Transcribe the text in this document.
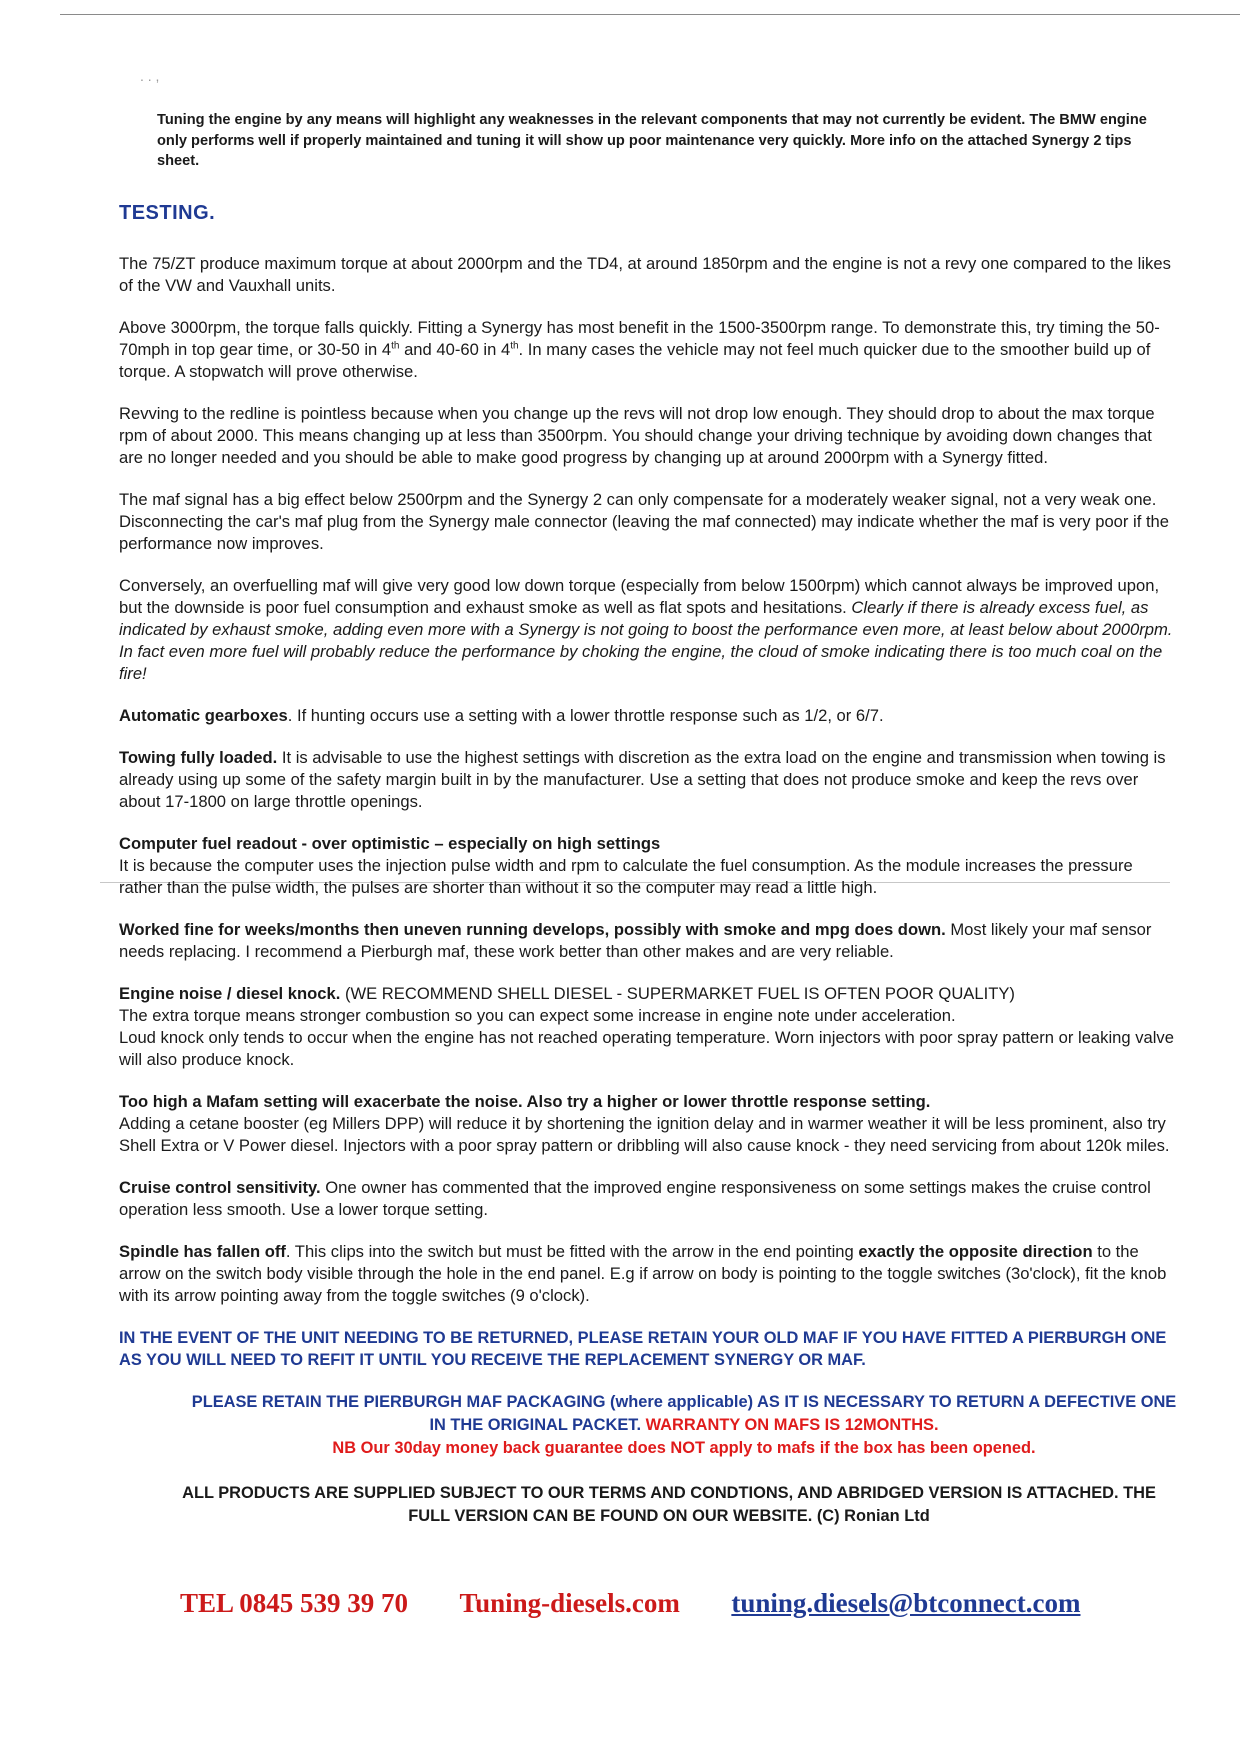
. . ,
Tuning the engine by any means will highlight any weaknesses in the relevant components that may not currently be evident. The BMW engine only performs well if properly maintained and tuning it will show up poor maintenance very quickly. More info on the attached Synergy 2 tips sheet.
TESTING.

The 75/ZT produce maximum torque at about 2000rpm and the TD4, at around 1850rpm and the engine is not a revy one compared to the likes of the VW and Vauxhall units.

Above 3000rpm, the torque falls quickly. Fitting a Synergy has most benefit in the 1500-3500rpm range. To demonstrate this, try timing the 50-70mph in top gear time, or 30-50 in 4th and 40-60 in 4th. In many cases the vehicle may not feel much quicker due to the smoother build up of torque. A stopwatch will prove otherwise.

Revving to the redline is pointless because when you change up the revs will not drop low enough. They should drop to about the max torque rpm of about 2000. This means changing up at less than 3500rpm. You should change your driving technique by avoiding down changes that are no longer needed and you should be able to make good progress by changing up at around 2000rpm with a Synergy fitted.

The maf signal has a big effect below 2500rpm and the Synergy 2 can only compensate for a moderately weaker signal, not a very weak one. Disconnecting the car's maf plug from the Synergy male connector (leaving the maf connected) may indicate whether the maf is very poor if the performance now improves.

Conversely, an overfuelling maf will give very good low down torque (especially from below 1500rpm) which cannot always be improved upon, but the downside is poor fuel consumption and exhaust smoke as well as flat spots and hesitations. Clearly if there is already excess fuel, as indicated by exhaust smoke, adding even more with a Synergy is not going to boost the performance even more, at least below about 2000rpm. In fact even more fuel will probably reduce the performance by choking the engine, the cloud of smoke indicating there is too much coal on the fire!

Automatic gearboxes. If hunting occurs use a setting with a lower throttle response such as 1/2, or 6/7.

Towing fully loaded. It is advisable to use the highest settings with discretion as the extra load on the engine and transmission when towing is already using up some of the safety margin built in by the manufacturer. Use a setting that does not produce smoke and keep the revs over about 17-1800 on large throttle openings.

Computer fuel readout - over optimistic – especially on high settings
It is because the computer uses the injection pulse width and rpm to calculate the fuel consumption. As the module increases the pressure rather than the pulse width, the pulses are shorter than without it so the computer may read a little high.

Worked fine for weeks/months then uneven running develops, possibly with smoke and mpg does down. Most likely your maf sensor needs replacing. I recommend a Pierburgh maf, these work better than other makes and are very reliable.

Engine noise / diesel knock. (WE RECOMMEND SHELL DIESEL - SUPERMARKET FUEL IS OFTEN POOR QUALITY)
The extra torque means stronger combustion so you can expect some increase in engine note under acceleration.
Loud knock only tends to occur when the engine has not reached operating temperature. Worn injectors with poor spray pattern or leaking valve will also produce knock.

Too high a Mafam setting will exacerbate the noise. Also try a higher or lower throttle response setting.
Adding a cetane booster (eg Millers DPP) will reduce it by shortening the ignition delay and in warmer weather it will be less prominent, also try Shell Extra or V Power diesel. Injectors with a poor spray pattern or dribbling will also cause knock - they need servicing from about 120k miles.

Cruise control sensitivity. One owner has commented that the improved engine responsiveness on some settings makes the cruise control operation less smooth. Use a lower torque setting.

Spindle has fallen off. This clips into the switch but must be fitted with the arrow in the end pointing exactly the opposite direction to the arrow on the switch body visible through the hole in the end panel. E.g if arrow on body is pointing to the toggle switches (3o'clock), fit the knob with its arrow pointing away from the toggle switches (9 o'clock).

IN THE EVENT OF THE UNIT NEEDING TO BE RETURNED, PLEASE RETAIN YOUR OLD MAF IF YOU HAVE FITTED A PIERBURGH ONE AS YOU WILL NEED TO REFIT IT UNTIL YOU RECEIVE THE REPLACEMENT SYNERGY OR MAF.
PLEASE RETAIN THE PIERBURGH MAF PACKAGING (where applicable) AS IT IS NECESSARY TO RETURN A DEFECTIVE ONE IN THE ORIGINAL PACKET. WARRANTY ON MAFS IS 12MONTHS.
NB Our 30day money back guarantee does NOT apply to mafs if the box has been opened.
ALL PRODUCTS ARE SUPPLIED SUBJECT TO OUR TERMS AND CONDTIONS, AND ABRIDGED VERSION IS ATTACHED. THE FULL VERSION CAN BE FOUND ON OUR WEBSITE. (C) Ronian Ltd
TEL 0845 539 39 70 Tuning-diesels.com tuning.diesels@btconnect.com
